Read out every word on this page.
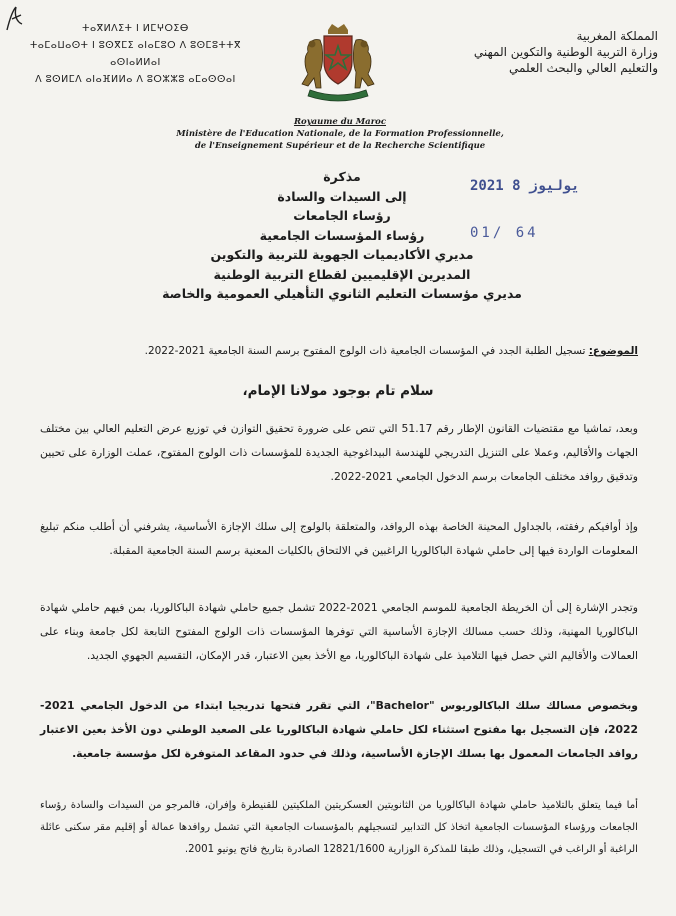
ⵜⴰⴳⵍⴷⵉⵜ ⵏ ⵍⵎⵖⵔⵉⴱ
ⵜⴰⵎⴰⵡⴰⵙⵜ ⵏ ⵓⵙⴳⵎⵉ ⴰⵏⴰⵎⵓⵔ ⴷ ⵓⵙⵎⵓⵜⵜⴳ ⴰⵙⵏⴰⵍⵍⴰⵏ
ⴷ ⵓⵙⵍⵎⴷ ⴰⵏⴰⴼⵍⵍⴰ ⴷ ⵓⵔⵣⵣⵓ ⴰⵎⴰⵙⵙⴰⵏ
المملكة المغربية
وزارة التربية الوطنية والتكوين المهني
والتعليم العالي والبحث العلمي
Royaume du Maroc
Ministère de l'Education Nationale, de la Formation Professionnelle,
de l'Enseignement Supérieur et de la Recherche Scientifique
مذكرة
إلى السيدات والسادة
رؤساء الجامعات
رؤساء المؤسسات الجامعية
مديري الأكاديميات الجهوية للتربية والتكوين
المديرين الإقليميين لقطاع التربية الوطنية
مديري مؤسسات التعليم الثانوي التأهيلي العمومية والخاصة
2021 يوليوز 8
01/ 64
الموضوع: تسجيل الطلبة الجدد في المؤسسات الجامعية ذات الولوج المفتوح برسم السنة الجامعية 2021-2022.
سلام تام بوجود مولانا الإمام،
وبعد، تماشيا مع مقتضيات القانون الإطار رقم 51.17 التي تنص على ضرورة تحقيق التوازن في توزيع عرض التعليم العالي بين مختلف الجهات والأقاليم، وعملا على التنزيل التدريجي للهندسة البيداغوجية الجديدة للمؤسسات ذات الولوج المفتوح، عملت الوزارة على تحيين وتدقيق روافد مختلف الجامعات برسم الدخول الجامعي 2021-2022.
وإذ أوافيكم رفقته، بالجداول المحينة الخاصة بهذه الروافد، والمتعلقة بالولوج إلى سلك الإجازة الأساسية، يشرفني أن أطلب منكم تبليغ المعلومات الواردة فيها إلى حاملي شهادة الباكالوريا الراغبين في الالتحاق بالكليات المعنية برسم السنة الجامعية المقبلة.
وتجدر الإشارة إلى أن الخريطة الجامعية للموسم الجامعي 2021-2022 تشمل جميع حاملي شهادة الباكالوريا، بمن فيهم حاملي شهادة الباكالوريا المهنية، وذلك حسب مسالك الإجازة الأساسية التي توفرها المؤسسات ذات الولوج المفتوح التابعة لكل جامعة وبناء على العمالات والأقاليم التي حصل فيها التلاميذ على شهادة الباكالوريا، مع الأخذ بعين الاعتبار، قدر الإمكان، التقسيم الجهوي الجديد.
وبخصوص مسالك سلك الباكالوريوس "Bachelor"، التي تقرر فتحها تدريجيا ابتداء من الدخول الجامعي 2021-2022، فإن التسجيل بها مفتوح استثناء لكل حاملي شهادة الباكالوريا على الصعيد الوطني دون الأخذ بعين الاعتبار روافد الجامعات المعمول بها بسلك الإجازة الأساسية، وذلك في حدود المقاعد المتوفرة لكل مؤسسة جامعية.
أما فيما يتعلق بالتلاميذ حاملي شهادة الباكالوريا من الثانويتين العسكريتين الملكيتين للقنيطرة وإفران، فالمرجو من السيدات والسادة رؤساء الجامعات ورؤساء المؤسسات الجامعية اتخاذ كل التدابير لتسجيلهم بالمؤسسات الجامعية التي تشمل روافدها عمالة أو إقليم مقر سكنى عائلة الراغبة أو الراغب في التسجيل، وذلك طبقا للمذكرة الوزارية 12821/1600 الصادرة بتاريخ فاتح يونيو 2001.
